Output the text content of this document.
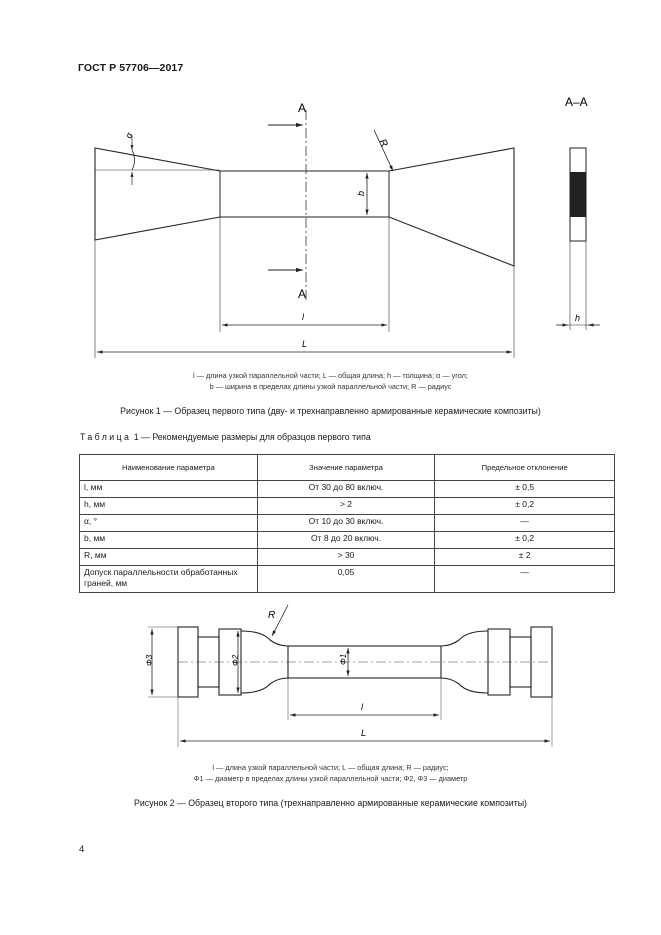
ГОСТ Р 57706—2017
А
А
А–А
α
R
b
l
L
h
l — длина узкой параллельной части; L — общая длина; h — толщина; α — угол;
b — ширина в пределах длины узкой параллельной части; R — радиус
Рисунок 1 — Образец первого типа (дву- и трехнаправленно армированные керамические композиты)
Таблица 1 — Рекомендуемые размеры для образцов первого типа
Наименование параметра	Значение параметра	Предельное отклонение
l, мм	От 30 до 80 включ.	± 0,5
h, мм	> 2	± 0,2
α, °	От 10 до 30 включ.	—
b, мм	От 8 до 20 включ.	± 0,2
R, мм	> 30	± 2
Допуск параллельности обработанных граней, мм	0,05	—
R
Φ3	Φ2	Φ1
l
L
l — длина узкой параллельной части; L — общая длина; R — радиус;
Φ1 — диаметр в пределах длины узкой параллельной части; Φ2, Φ3 — диаметр
Рисунок 2 — Образец второго типа (трехнаправленно армированные керамические композиты)
4
